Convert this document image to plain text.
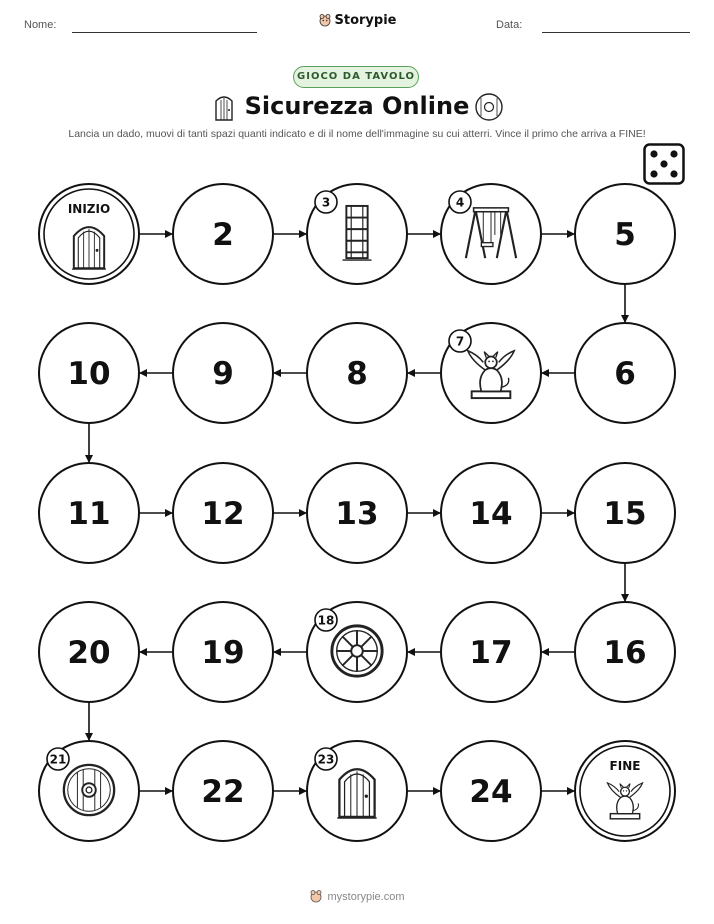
Nome:	Storypie	Data:
GIOCO DA TAVOLO
Sicurezza Online
Lancia un dado, muovi di tanti spazi quanti indicato e di il nome dell'immagine su cui atterri. Vince il primo che arriva a FINE!
INIZIO
2
3	4
5
6
7
8
9
10
11	12	13	14	15
16
17
18
19
20
21
22
23
24
FINE
mystorypie.com
